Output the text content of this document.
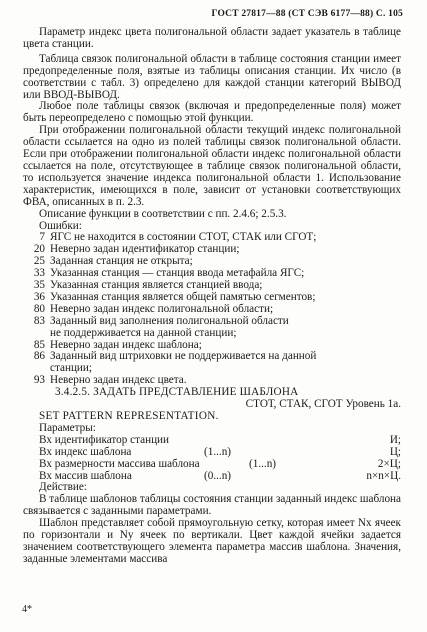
ГОСТ 27817—88 (СТ СЭВ 6177—88) С. 105

Параметр индекс цвета полигональной области задает указатель в таблице цвета станции.

Таблица связок полигональной области в таблице состояния станции имеет предопределенные поля, взятые из таблицы описания станции. Их число (в соответствии с табл. 3) определено для каждой станции категорий ВЫВОД или ВВОД-ВЫВОД.

Любое поле таблицы связок (включая и предопределенные поля) может быть переопределено с помощью этой функции.

При отображении полигональной области текущий индекс полигональной области ссылается на одно из полей таблицы связок полигональной области. Если при отображении полигональной области индекс полигональной области ссылается на поле, отсутствующее в таблице связок полигональной области, то используется значение индекса полигональной области 1. Использование характеристик, имеющихся в поле, зависит от установки соответствующих ФВА, описанных в п. 2.3.

Описание функции в соответствии с пп. 2.4.6; 2.5.3.

Ошибки:

7 ЯГС не находится в состоянии СТОТ, СТАК или СГОТ;
20 Неверно задан идентификатор станции;
25 Заданная станция не открыта;
33 Указанная станция — станция ввода метафайла ЯГС;
35 Указанная станция является станцией ввода;
36 Указанная станция является общей памятью сегментов;
80 Неверно задан индекс полигональной области;
83 Заданный вид заполнения полигональной области
не поддерживается на данной станции;
85 Неверно задан индекс шаблона;
86 Заданный вид штриховки не поддерживается на данной
станции;
93 Неверно задан индекс цвета.

3.4.2.5. ЗАДАТЬ ПРЕДСТАВЛЕНИЕ ШАБЛОНА

СТОТ, СТАК, СГОТ Уровень 1а.

SET PATTERN REPRESENTATION.

Параметры:

Вх идентификатор станции	И;
Вх индекс шаблона	(1...n)	Ц;
Вх размерности массива шаблона	(1...n)	2×Ц;
Вх массив шаблона	(0...n)	n×n×Ц.

Действие:

В таблице шаблонов таблицы состояния станции заданный индекс шаблона связывается с заданными параметрами.

Шаблон представляет собой прямоугольную сетку, которая имеет Nx ячеек по горизонтали и Ny ячеек по вертикали. Цвет каждой ячейки задается значением соответствующего элемента параметра массив шаблона. Значения, заданные элементами массива

4*
